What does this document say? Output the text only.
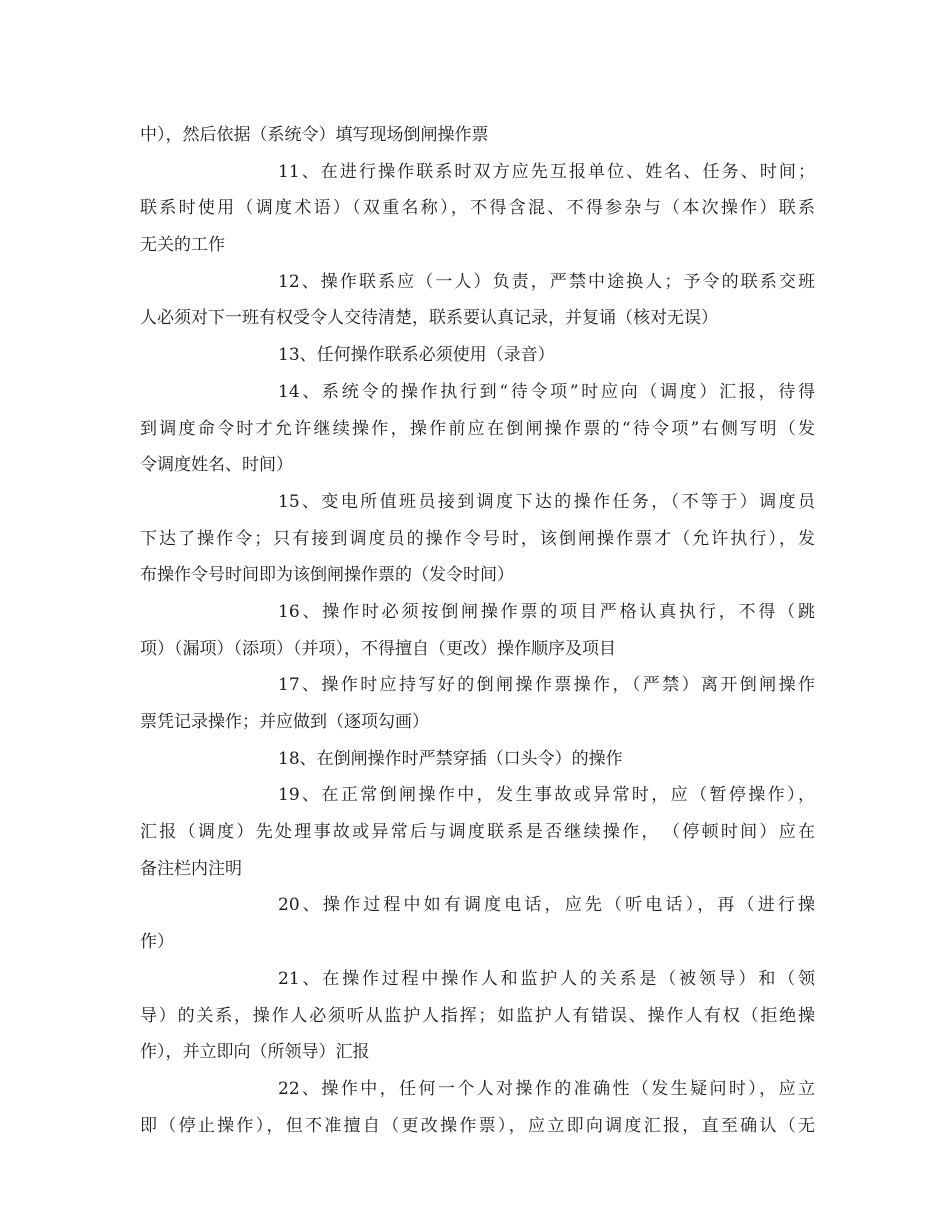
中），然后依据（系统令）填写现场倒闸操作票
11、在进行操作联系时双方应先互报单位、姓名、任务、时间；
联系时使用（调度术语）（双重名称），不得含混、不得参杂与（本次操作）联系
无关的工作
12、操作联系应（一人）负责，严禁中途换人；予令的联系交班
人必须对下一班有权受令人交待清楚，联系要认真记录，并复诵（核对无误）
13、任何操作联系必须使用（录音）
14、系统令的操作执行到“待令项”时应向（调度）汇报，待得
到调度命令时才允许继续操作，操作前应在倒闸操作票的“待令项”右侧写明（发
令调度姓名、时间）
15、变电所值班员接到调度下达的操作任务，（不等于）调度员
下达了操作令；只有接到调度员的操作令号时，该倒闸操作票才（允许执行），发
布操作令号时间即为该倒闸操作票的（发令时间）
16、操作时必须按倒闸操作票的项目严格认真执行，不得（跳
项）（漏项）（添项）（并项），不得擅自（更改）操作顺序及项目
17、操作时应持写好的倒闸操作票操作，（严禁）离开倒闸操作
票凭记录操作；并应做到（逐项勾画）
18、在倒闸操作时严禁穿插（口头令）的操作
19、在正常倒闸操作中，发生事故或异常时，应（暂停操作），
汇报（调度）先处理事故或异常后与调度联系是否继续操作，　（停顿时间）应在
备注栏内注明
20、操作过程中如有调度电话，应先（听电话），再（进行操
作）
21、在操作过程中操作人和监护人的关系是（被领导）和（领
导）的关系，操作人必须听从监护人指挥；如监护人有错误、操作人有权（拒绝操
作），并立即向（所领导）汇报
22、操作中，任何一个人对操作的准确性（发生疑问时），应立
即（停止操作），但不准擅自（更改操作票），应立即向调度汇报，直至确认（无
